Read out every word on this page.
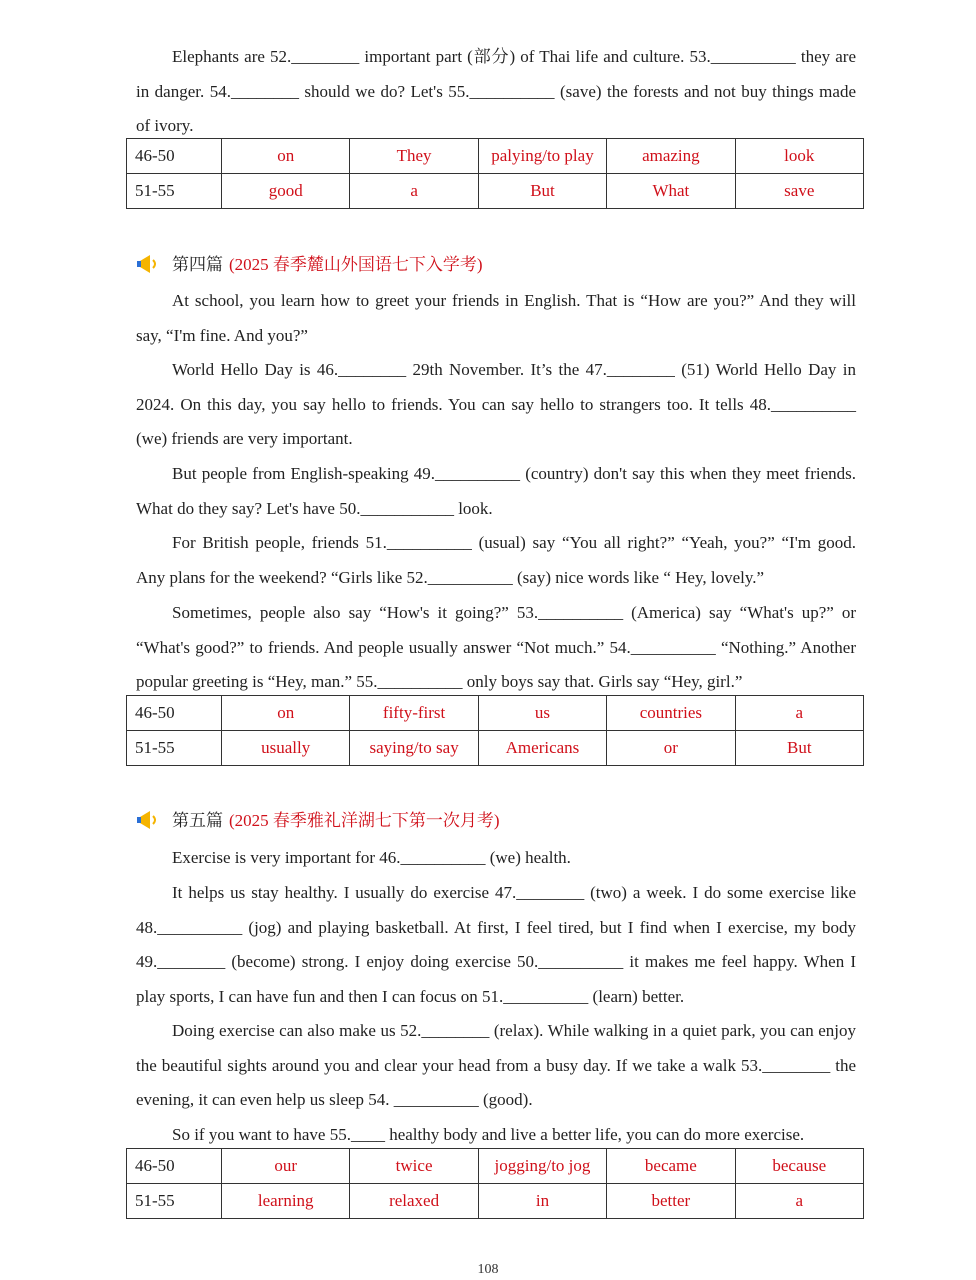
Elephants are 52.________ important part (部分) of Thai life and culture. 53.__________ they are in danger. 54.________ should we do? Let's 55.__________ (save) the forests and not buy things made of ivory.

46-50	on	They	palying/to play	amazing	look
51-55	good	a	But	What	save
第四篇 (2025 春季麓山外国语七下入学考)

At school, you learn how to greet your friends in English. That is “How are you?” And they will say, “I'm fine. And you?”

World Hello Day is 46.________ 29th November. It’s the 47.________ (51) World Hello Day in 2024. On this day, you say hello to friends. You can say hello to strangers too. It tells 48.__________ (we) friends are very important.

But people from English-speaking 49.__________ (country) don't say this when they meet friends. What do they say? Let's have 50.___________ look.

For British people, friends 51.__________ (usual) say “You all right?” “Yeah, you?” “I'm good. Any plans for the weekend? “Girls like 52.__________ (say) nice words like “ Hey, lovely.”

Sometimes, people also say “How's it going?” 53.__________ (America) say “What's up?” or “What's good?” to friends. And people usually answer “Not much.” 54.__________ “Nothing.” Another popular greeting is “Hey, man.” 55.__________ only boys say that. Girls say “Hey, girl.”

46-50	on	fifty-first	us	countries	a
51-55	usually	saying/to say	Americans	or	But
第五篇 (2025 春季雅礼洋湖七下第一次月考)

Exercise is very important for 46.__________ (we) health.

It helps us stay healthy. I usually do exercise 47.________ (two) a week. I do some exercise like 48.__________ (jog) and playing basketball. At first, I feel tired, but I find when I exercise, my body 49.________ (become) strong. I enjoy doing exercise 50.__________ it makes me feel happy. When I play sports, I can have fun and then I can focus on 51.__________ (learn) better.

Doing exercise can also make us 52.________ (relax). While walking in a quiet park, you can enjoy the beautiful sights around you and clear your head from a busy day. If we take a walk 53.________ the evening, it can even help us sleep 54. __________ (good).

So if you want to have 55.____ healthy body and live a better life, you can do more exercise.

46-50	our	twice	jogging/to jog	became	because
51-55	learning	relaxed	in	better	a
108
